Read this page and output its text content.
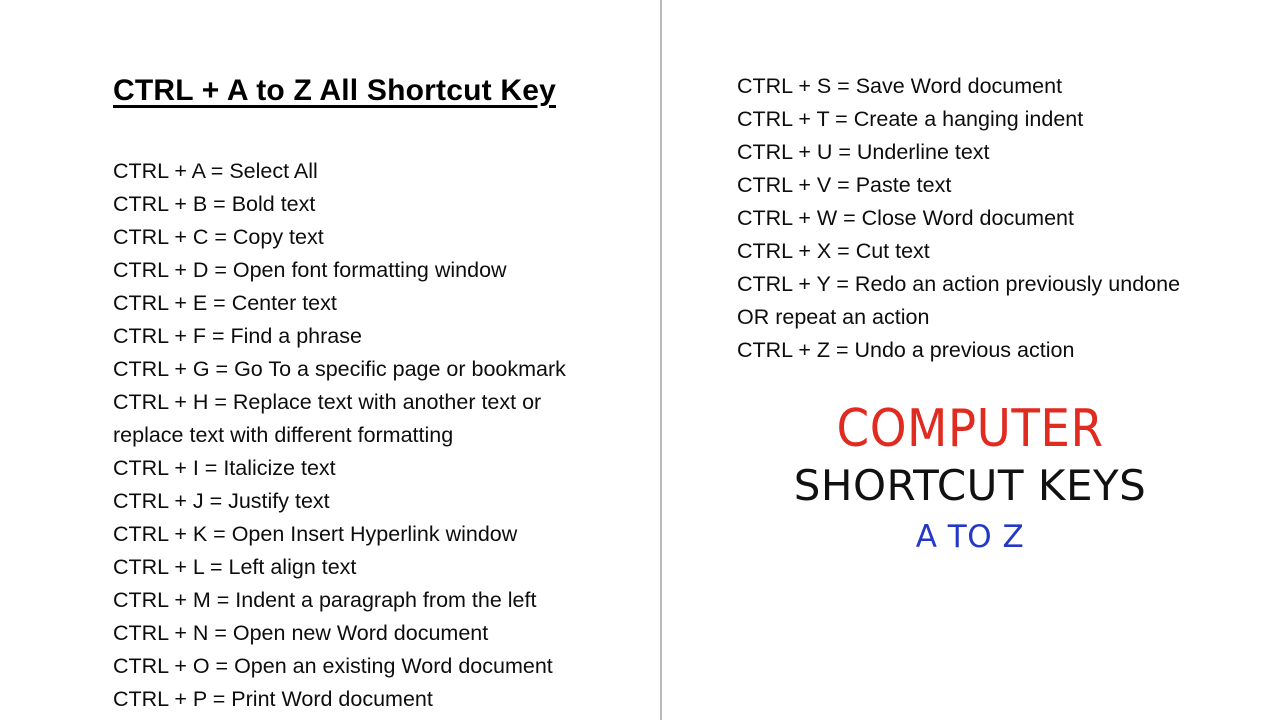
CTRL + A to Z All Shortcut Key
CTRL + A = Select All
CTRL + B = Bold text
CTRL + C = Copy text
CTRL + D = Open font formatting window
CTRL + E = Center text
CTRL + F = Find a phrase
CTRL + G = Go To a specific page or bookmark
CTRL + H = Replace text with another text or
replace text with different formatting
CTRL + I = Italicize text
CTRL + J = Justify text
CTRL + K = Open Insert Hyperlink window
CTRL + L = Left align text
CTRL + M = Indent a paragraph from the left
CTRL + N = Open new Word document
CTRL + O = Open an existing Word document
CTRL + P = Print Word document
CTRL + S = Save Word document
CTRL + T = Create a hanging indent
CTRL + U = Underline text
CTRL + V = Paste text
CTRL + W = Close Word document
CTRL + X = Cut text
CTRL + Y = Redo an action previously undone
OR repeat an action
CTRL + Z = Undo a previous action
COMPUTER
SHORTCUT KEYS
A TO Z
